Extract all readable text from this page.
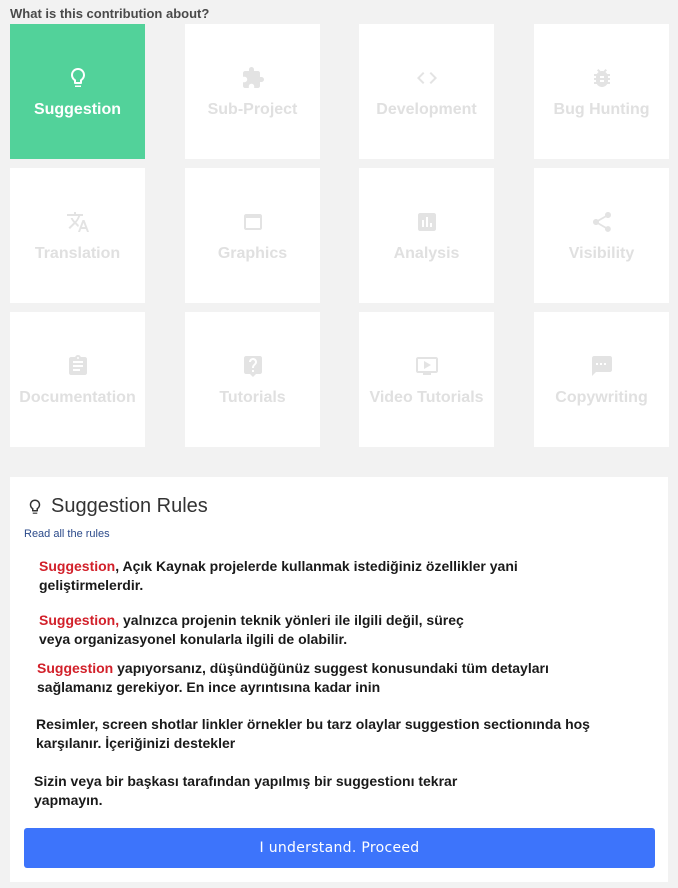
What is this contribution about?
Suggestion	Sub-Project	Development	Bug Hunting
Translation	Graphics	Analysis	Visibility
Documentation	Tutorials	Video Tutorials	Copywriting
Suggestion Rules
Read all the rules
Suggestion, Açık Kaynak projelerde kullanmak istediğiniz özellikler yani
geliştirmelerdir.
Suggestion, yalnızca projenin teknik yönleri ile ilgili değil, süreç
veya organizasyonel konularla ilgili de olabilir.
Suggestion yapıyorsanız, düşündüğünüz suggest konusundaki tüm detayları
sağlamanız gerekiyor. En ince ayrıntısına kadar inin
Resimler, screen shotlar linkler örnekler bu tarz olaylar suggestion sectionında hoş
karşılanır. İçeriğinizi destekler
Sizin veya bir başkası tarafından yapılmış bir suggestionı tekrar
yapmayın.
I understand. Proceed
